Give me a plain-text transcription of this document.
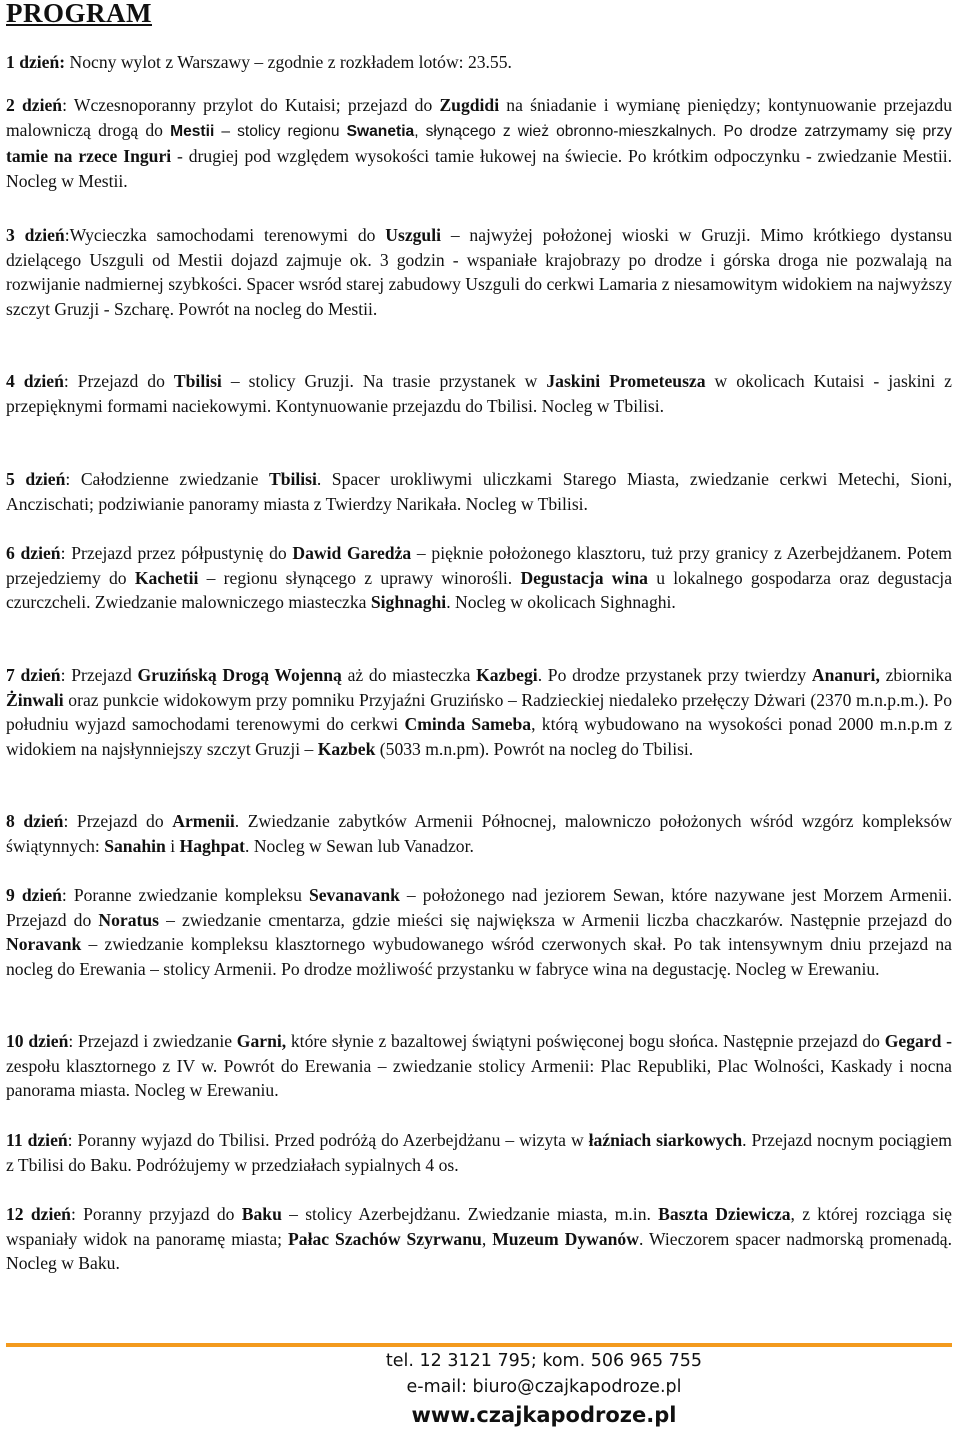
PROGRAM

1 dzień: Nocny wylot z Warszawy – zgodnie z rozkładem lotów: 23.55.

2 dzień: Wczesnoporanny przylot do Kutaisi; przejazd do Zugdidi na śniadanie i wymianę pieniędzy; kontynuowanie przejazdu malowniczą drogą do Mestii – stolicy regionu Swanetia, słynącego z wież obronno-mieszkalnych. Po drodze zatrzymamy się przy tamie na rzece Inguri - drugiej pod względem wysokości tamie łukowej na świecie. Po krótkim odpoczynku - zwiedzanie Mestii. Nocleg w Mestii.

3 dzień:Wycieczka samochodami terenowymi do Uszguli – najwyżej położonej wioski w Gruzji. Mimo krótkiego dystansu dzielącego Uszguli od Mestii dojazd zajmuje ok. 3 godzin - wspaniałe krajobrazy po drodze i górska droga nie pozwalają na rozwijanie nadmiernej szybkości. Spacer wsród starej zabudowy Uszguli do cerkwi Lamaria z niesamowitym widokiem na najwyższy szczyt Gruzji - Szcharę. Powrót na nocleg do Mestii.

4 dzień: Przejazd do Tbilisi – stolicy Gruzji. Na trasie przystanek w Jaskini Prometeusza w okolicach Kutaisi - jaskini z przepięknymi formami naciekowymi. Kontynuowanie przejazdu do Tbilisi. Nocleg w Tbilisi.

5 dzień: Całodzienne zwiedzanie Tbilisi. Spacer urokliwymi uliczkami Starego Miasta, zwiedzanie cerkwi Metechi, Sioni, Anczischati; podziwianie panoramy miasta z Twierdzy Narikała. Nocleg w Tbilisi.

6 dzień: Przejazd przez półpustynię do Dawid Garedża – pięknie położonego klasztoru, tuż przy granicy z Azerbejdżanem. Potem przejedziemy do Kachetii – regionu słynącego z uprawy winorośli. Degustacja wina u lokalnego gospodarza oraz degustacja czurczcheli. Zwiedzanie malowniczego miasteczka Sighnaghi. Nocleg w okolicach Sighnaghi.

7 dzień: Przejazd Gruzińską Drogą Wojenną aż do miasteczka Kazbegi. Po drodze przystanek przy twierdzy Ananuri, zbiornika Żinwali oraz punkcie widokowym przy pomniku Przyjaźni Gruzińsko – Radzieckiej niedaleko przełęczy Dżwari (2370 m.n.p.m.). Po południu wyjazd samochodami terenowymi do cerkwi Cminda Sameba, którą wybudowano na wysokości ponad 2000 m.n.p.m z widokiem na najsłynniejszy szczyt Gruzji – Kazbek (5033 m.n.pm). Powrót na nocleg do Tbilisi.

8 dzień: Przejazd do Armenii. Zwiedzanie zabytków Armenii Północnej, malowniczo położonych wśród wzgórz kompleksów świątynnych: Sanahin i Haghpat. Nocleg w Sewan lub Vanadzor.

9 dzień: Poranne zwiedzanie kompleksu Sevanavank – położonego nad jeziorem Sewan, które nazywane jest Morzem Armenii. Przejazd do Noratus – zwiedzanie cmentarza, gdzie mieści się największa w Armenii liczba chaczkarów. Następnie przejazd do Noravank – zwiedzanie kompleksu klasztornego wybudowanego wśród czerwonych skał. Po tak intensywnym dniu przejazd na nocleg do Erewania – stolicy Armenii. Po drodze możliwość przystanku w fabryce wina na degustację. Nocleg w Erewaniu.

10 dzień: Przejazd i zwiedzanie Garni, które słynie z bazaltowej świątyni poświęconej bogu słońca. Następnie przejazd do Gegard - zespołu klasztornego z IV w. Powrót do Erewania – zwiedzanie stolicy Armenii: Plac Republiki, Plac Wolności, Kaskady i nocna panorama miasta. Nocleg w Erewaniu.

11 dzień: Poranny wyjazd do Tbilisi. Przed podróżą do Azerbejdżanu – wizyta w łaźniach siarkowych. Przejazd nocnym pociągiem z Tbilisi do Baku. Podróżujemy w przedziałach sypialnych 4 os.

12 dzień: Poranny przyjazd do Baku – stolicy Azerbejdżanu. Zwiedzanie miasta, m.in. Baszta Dziewicza, z której rozciąga się wspaniały widok na panoramę miasta; Pałac Szachów Szyrwanu, Muzeum Dywanów. Wieczorem spacer nadmorską promenadą. Nocleg w Baku.

tel. 12 3121 795; kom. 506 965 755
e-mail: biuro@czajkapodroze.pl
www.czajkapodroze.pl
